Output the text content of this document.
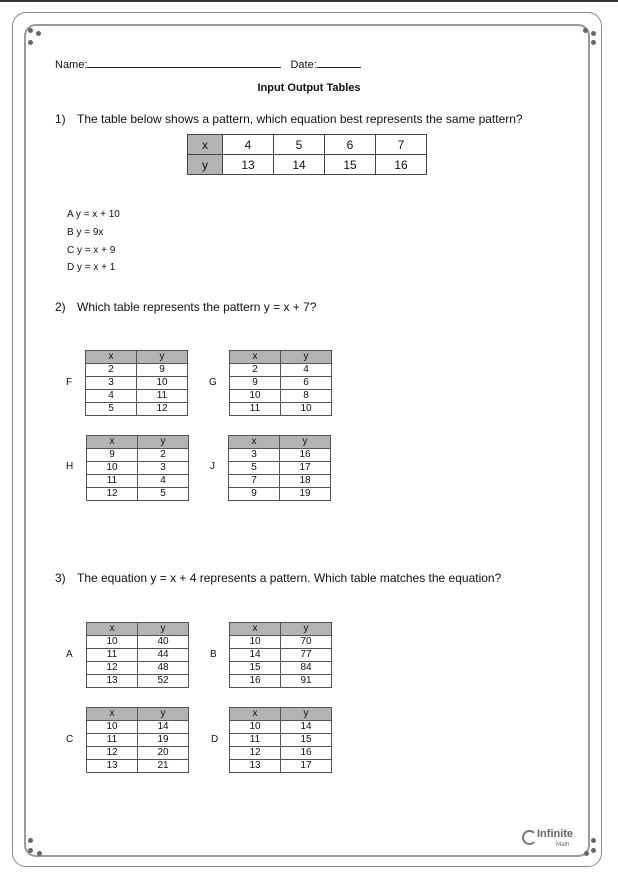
Name:	Date:
Input Output Tables
1) The table below shows a pattern, which equation best represents the same pattern?
x	4	5	6	7
y	13	14	15	16
A y = x + 10
B y = 9x
C y = x + 9
D y = x + 1
2) Which table represents the pattern y = x + 7?
F
x	y
2	9
3	10
4	11
5	12
G
x	y
2	4
9	6
10	8
11	10
H
x	y
9	2
10	3
11	4
12	5
J
x	y
3	16
5	17
7	18
9	19
3) The equation y = x + 4 represents a pattern. Which table matches the equation?
A
x	y
10	40
11	44
12	48
13	52
B
x	y
10	70
14	77
15	84
16	91
C
x	y
10	14
11	19
12	20
13	21
D
x	y
10	14
11	15
12	16
13	17
Infinite
Math
